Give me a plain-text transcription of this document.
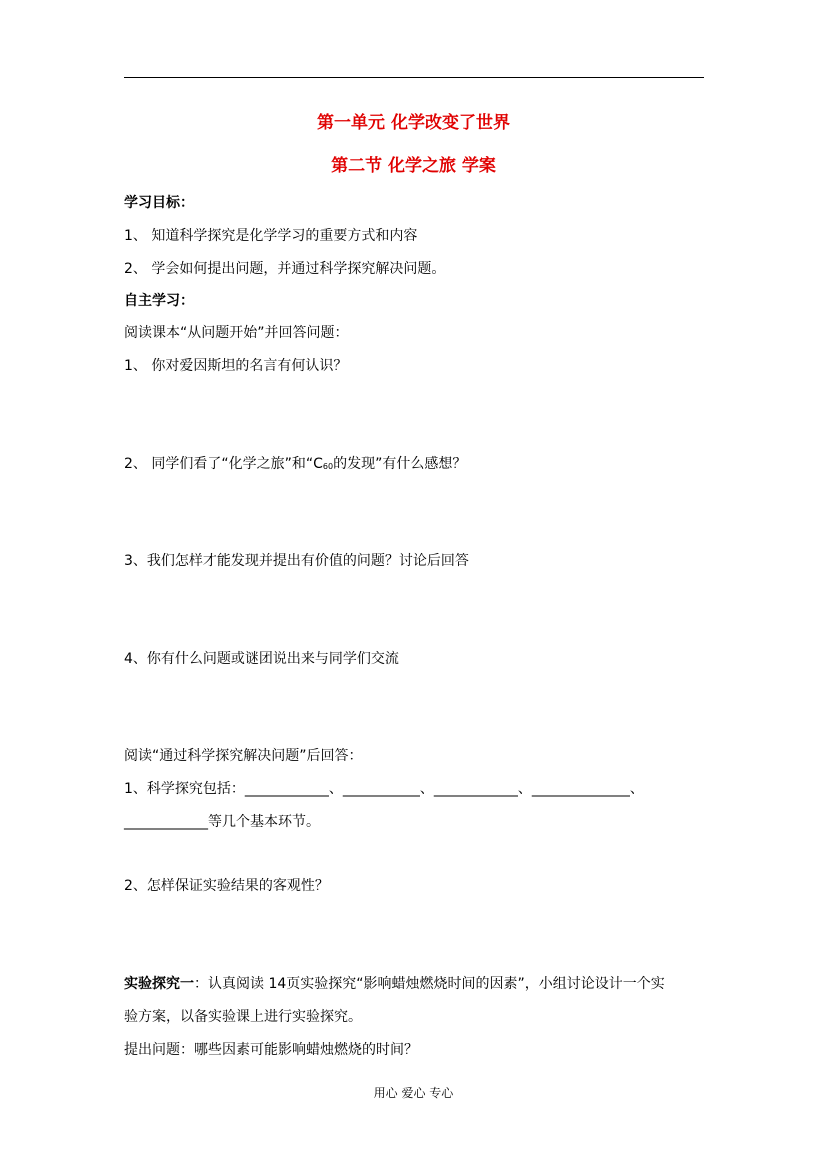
第一单元 化学改变了世界
第二节 化学之旅 学案
学习目标：
1、 知道科学探究是化学学习的重要方式和内容
2、 学会如何提出问题，并通过科学探究解决问题。
自主学习：
阅读课本“从问题开始”并回答问题：
1、 你对爱因斯坦的名言有何认识？
2、 同学们看了“化学之旅”和“$C_{60}$的发现”有什么感想？
3、我们怎样才能发现并提出有价值的问题？讨论后回答
4、你有什么问题或谜团说出来与同学们交流
阅读“通过科学探究解决问题”后回答：
1、科学探究包括：____________、___________、____________、______________、
____________等几个基本环节。
2、怎样保证实验结果的客观性？
实验探究一：认真阅读 14页实验探究“影响蜡烛燃烧时间的因素”，小组讨论设计一个实
验方案，以备实验课上进行实验探究。
提出问题：哪些因素可能影响蜡烛燃烧的时间？
用心 爱心 专心
